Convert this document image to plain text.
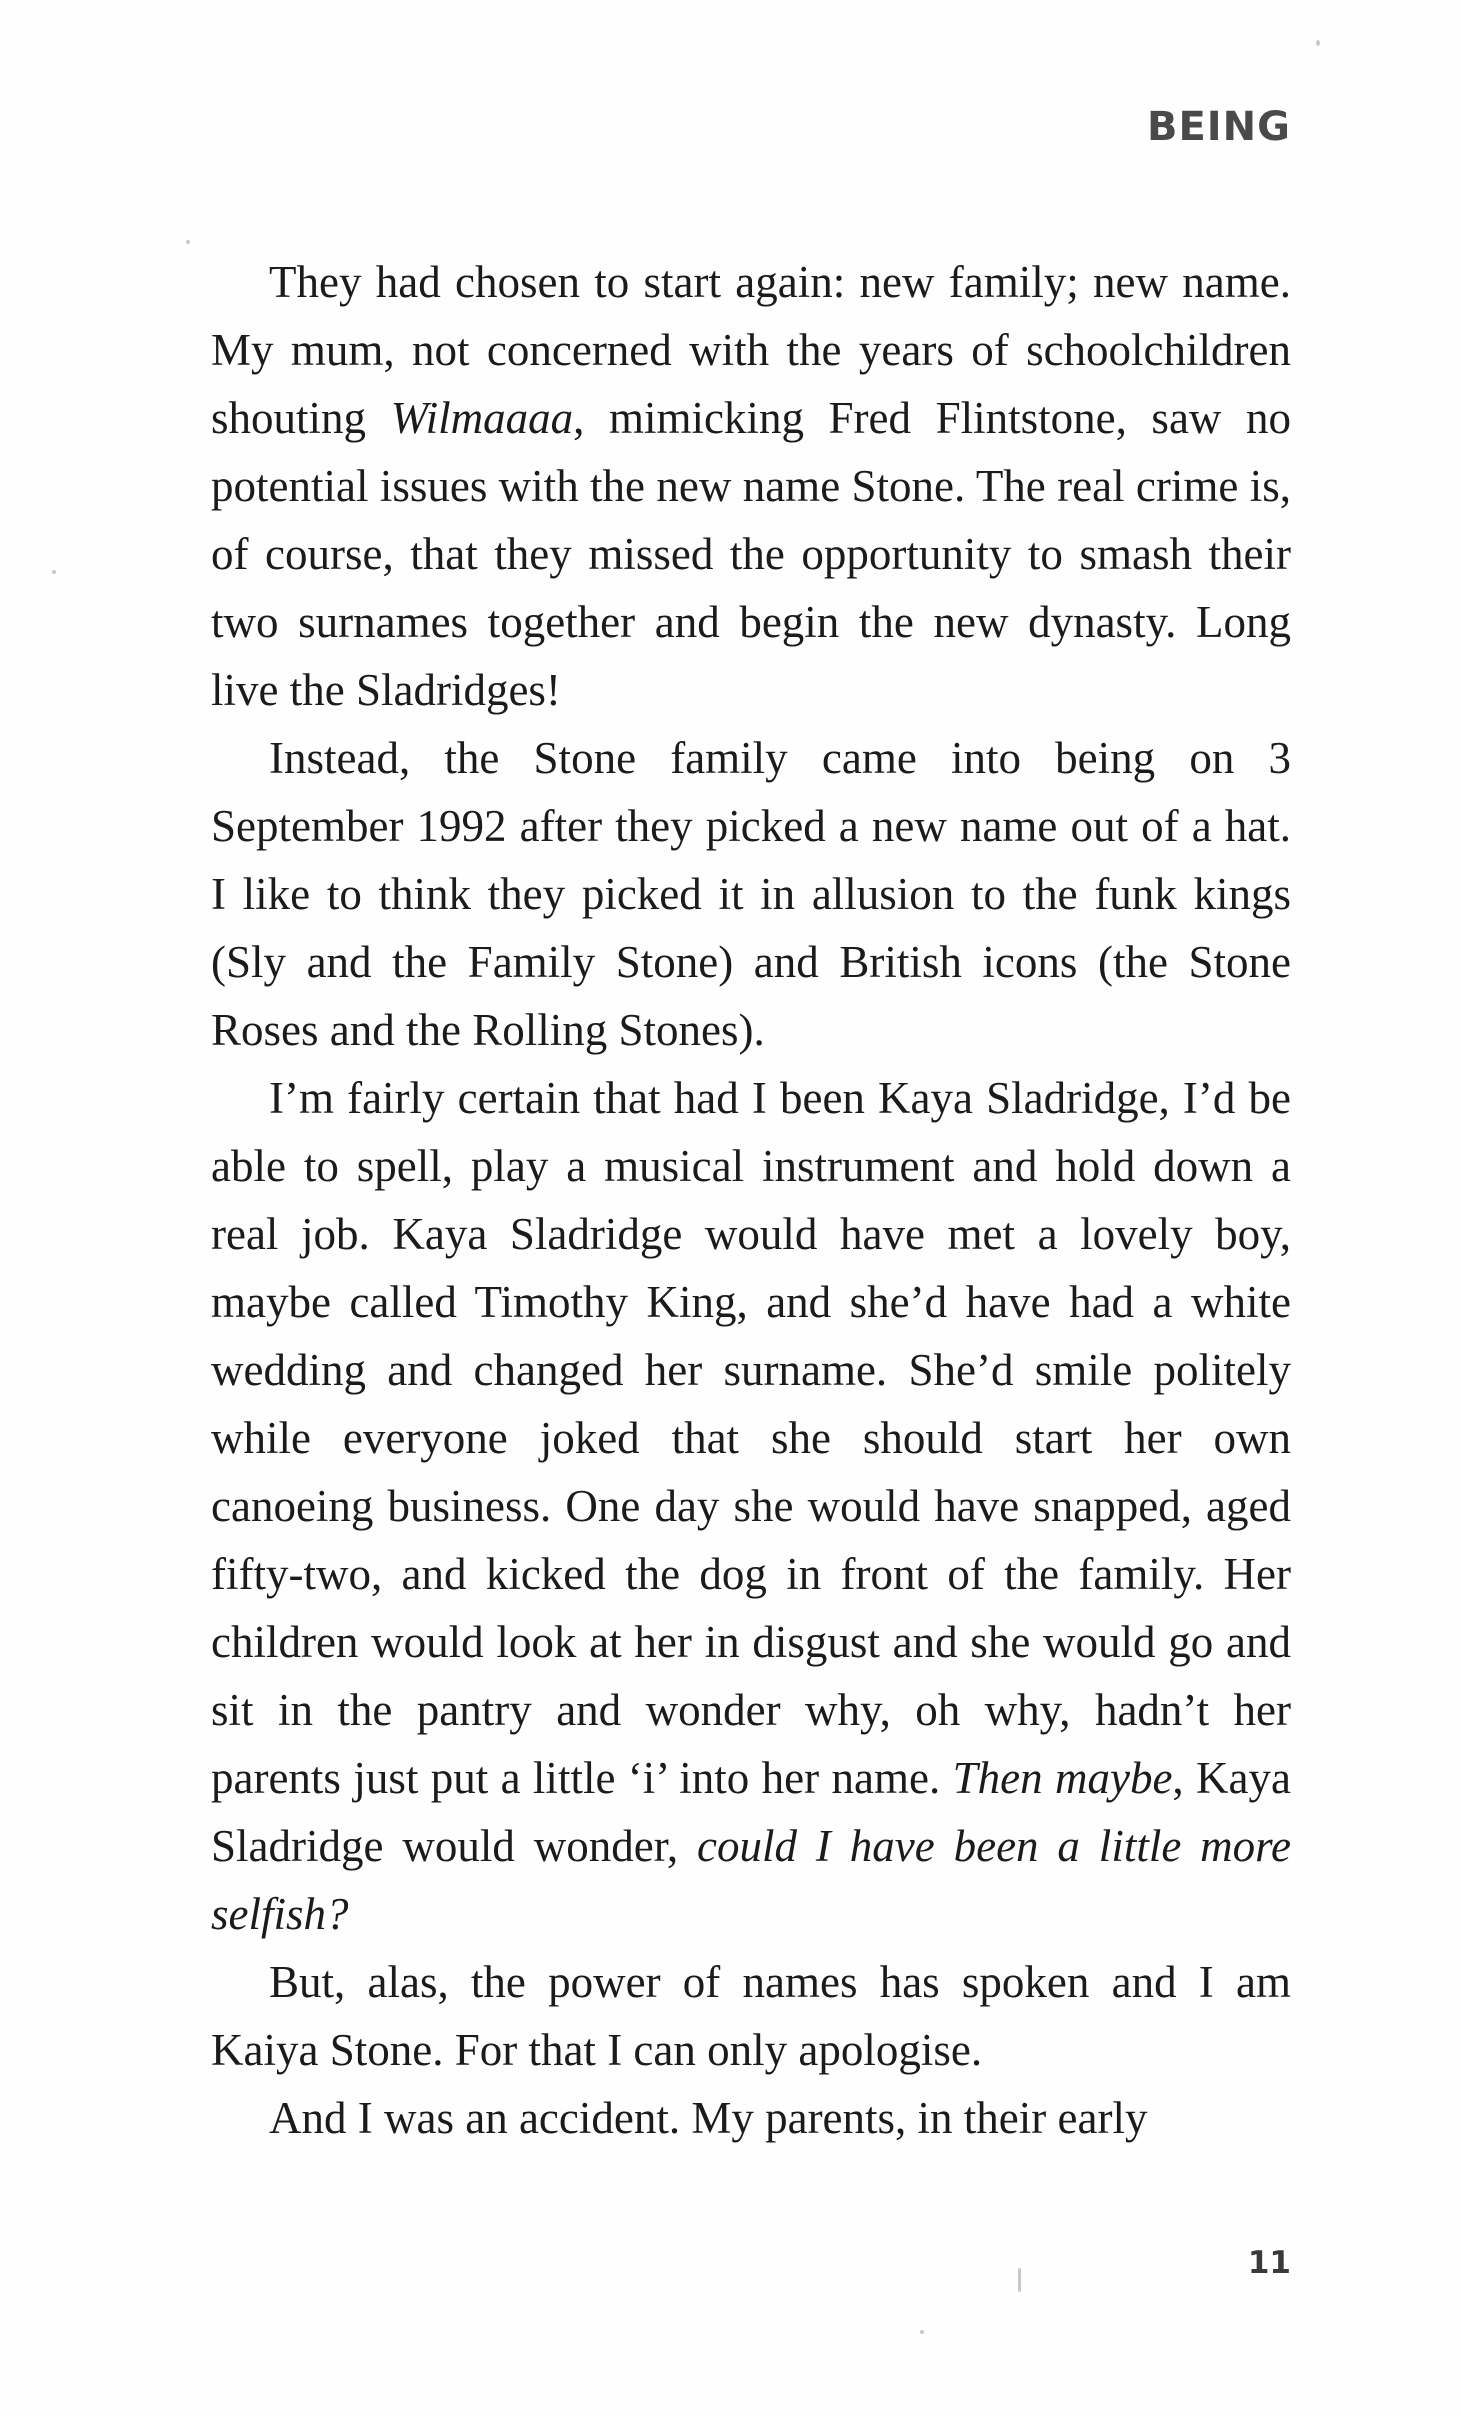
BEING

They had chosen to start again: new family; new name. My mum, not concerned with the years of schoolchildren shouting Wilmaaaa, mimicking Fred Flintstone, saw no potential issues with the new name Stone. The real crime is, of course, that they missed the opportunity to smash their two surnames together and begin the new dynasty. Long live the Sladridges!

Instead, the Stone family came into being on 3 September 1992 after they picked a new name out of a hat. I like to think they picked it in allusion to the funk kings (Sly and the Family Stone) and British icons (the Stone Roses and the Rolling Stones).

I’m fairly certain that had I been Kaya Sladridge, I’d be able to spell, play a musical instrument and hold down a real job. Kaya Sladridge would have met a lovely boy, maybe called Timothy King, and she’d have had a white wedding and changed her surname. She’d smile politely while everyone joked that she should start her own canoeing business. One day she would have snapped, aged fifty-two, and kicked the dog in front of the family. Her children would look at her in disgust and she would go and sit in the pantry and wonder why, oh why, hadn’t her parents just put a little ‘i’ into her name. Then maybe, Kaya Sladridge would wonder, could I have been a little more selfish?

But, alas, the power of names has spoken and I am Kaiya Stone. For that I can only apologise.

And I was an accident. My parents, in their early

11
